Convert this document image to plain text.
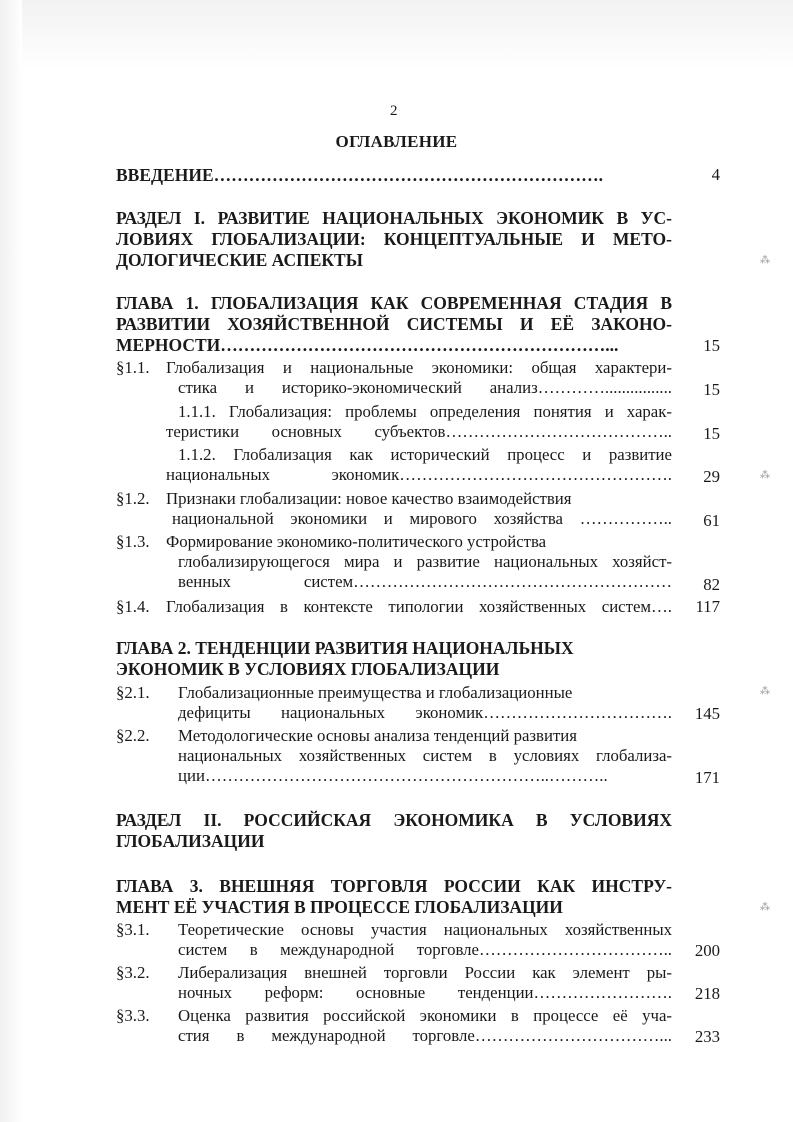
2
ОГЛАВЛЕНИЕ
ВВЕДЕНИЕ………………………………………………………….	4
РАЗДЕЛ I. РАЗВИТИЕ НАЦИОНАЛЬНЫХ ЭКОНОМИК В УС-
ЛОВИЯХ ГЛОБАЛИЗАЦИИ: КОНЦЕПТУАЛЬНЫЕ И МЕТО-
ДОЛОГИЧЕСКИЕ АСПЕКТЫ
ГЛАВА 1. ГЛОБАЛИЗАЦИЯ КАК СОВРЕМЕННАЯ СТАДИЯ В
РАЗВИТИИ ХОЗЯЙСТВЕННОЙ СИСТЕМЫ И ЕЁ ЗАКОНО-
МЕРНОСТИ…………………………………………………………...	15
§1.1. Глобализация и национальные экономики: общая характери-
стика и историко-экономический анализ…………................	15
1.1.1. Глобализация: проблемы определения понятия и харак-
теристики основных субъектов…………………………………..	15
1.1.2. Глобализация как исторический процесс и развитие
национальных экономик………………………………………….	29
§1.2. Признаки глобализации: новое качество взаимодействия
национальной экономики и мирового хозяйства ……………..	61
§1.3. Формирование экономико-политического устройства
глобализирующегося мира и развитие национальных хозяйст-
венных систем…………………………………………………	82
§1.4. Глобализация в контексте типологии хозяйственных систем….	117
ГЛАВА 2. ТЕНДЕНЦИИ РАЗВИТИЯ НАЦИОНАЛЬНЫХ
ЭКОНОМИК В УСЛОВИЯХ ГЛОБАЛИЗАЦИИ
§2.1.	Глобализационные преимущества и глобализационные
дефициты национальных экономик…………………………….	145
§2.2.	Методологические основы анализа тенденций развития
национальных хозяйственных систем в условиях глобализа-
ции……………………………………………………..………..	171
РАЗДЕЛ II. РОССИЙСКАЯ ЭКОНОМИКА В УСЛОВИЯХ
ГЛОБАЛИЗАЦИИ
ГЛАВА 3. ВНЕШНЯЯ ТОРГОВЛЯ РОССИИ КАК ИНСТРУ-
МЕНТ ЕЁ УЧАСТИЯ В ПРОЦЕССЕ ГЛОБАЛИЗАЦИИ
§3.1.	Теоретические основы участия национальных хозяйственных
систем в международной торговле……………………………..	200
§3.2.	Либерализация внешней торговли России как элемент ры-
ночных реформ: основные тенденции…………………….	218
§3.3.	Оценка развития российской экономики в процессе её уча-
стия в международной торговле……………………………...	233
⁂
⁂
⁂
⁂
